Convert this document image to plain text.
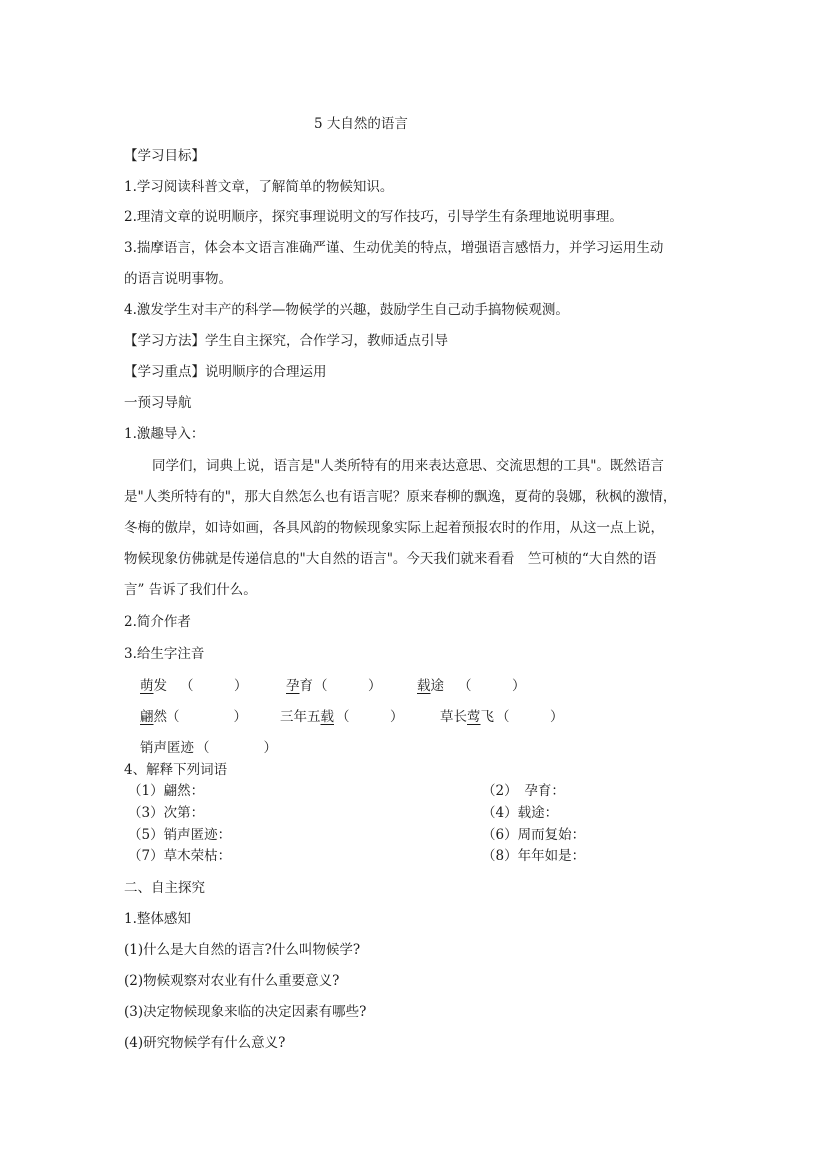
5 大自然的语言
【学习目标】
1.学习阅读科普文章，了解简单的物候知识。
2.理清文章的说明顺序，探究事理说明文的写作技巧，引导学生有条理地说明事理。
3.揣摩语言，体会本文语言准确严谨、生动优美的特点，增强语言感悟力，并学习运用生动
的语言说明事物。
4.激发学生对丰产的科学—物候学的兴趣，鼓励学生自己动手搞物候观测。
【学习方法】学生自主探究，合作学习，教师适点引导
【学习重点】说明顺序的合理运用
一预习导航
1.激趣导入：
同学们，词典上说，语言是"人类所特有的用来表达意思、交流思想的工具"。既然语言
是"人类所特有的"，那大自然怎么也有语言呢？原来春柳的飘逸，夏荷的袅娜，秋枫的激情，
冬梅的傲岸，如诗如画，各具风韵的物候现象实际上起着预报农时的作用，从这一点上说，
物候现象仿佛就是传递信息的"大自然的语言"。今天我们就来看看　竺可桢的“大自然的语
言” 告诉了我们什么。
2.简介作者
3.给生字注音
萌发 （　　　）	孕育 （　　　）	载途 （　　　）
翩然 （　　　　） 三年五载 （　　　）	草长莺飞 （　　　）
销声匿迹 （　　　　）
4、解释下列词语
（1）翩然：	（2）　孕育：
（3）次第：	（4）载途：
（5）销声匿迹：	（6）周而复始：
（7）草木荣枯：	（8）年年如是：
二、自主探究
1.整体感知
(1)什么是大自然的语言?什么叫物候学?
(2)物候观察对农业有什么重要意义?
(3)决定物候现象来临的决定因素有哪些?
(4)研究物候学有什么意义?
